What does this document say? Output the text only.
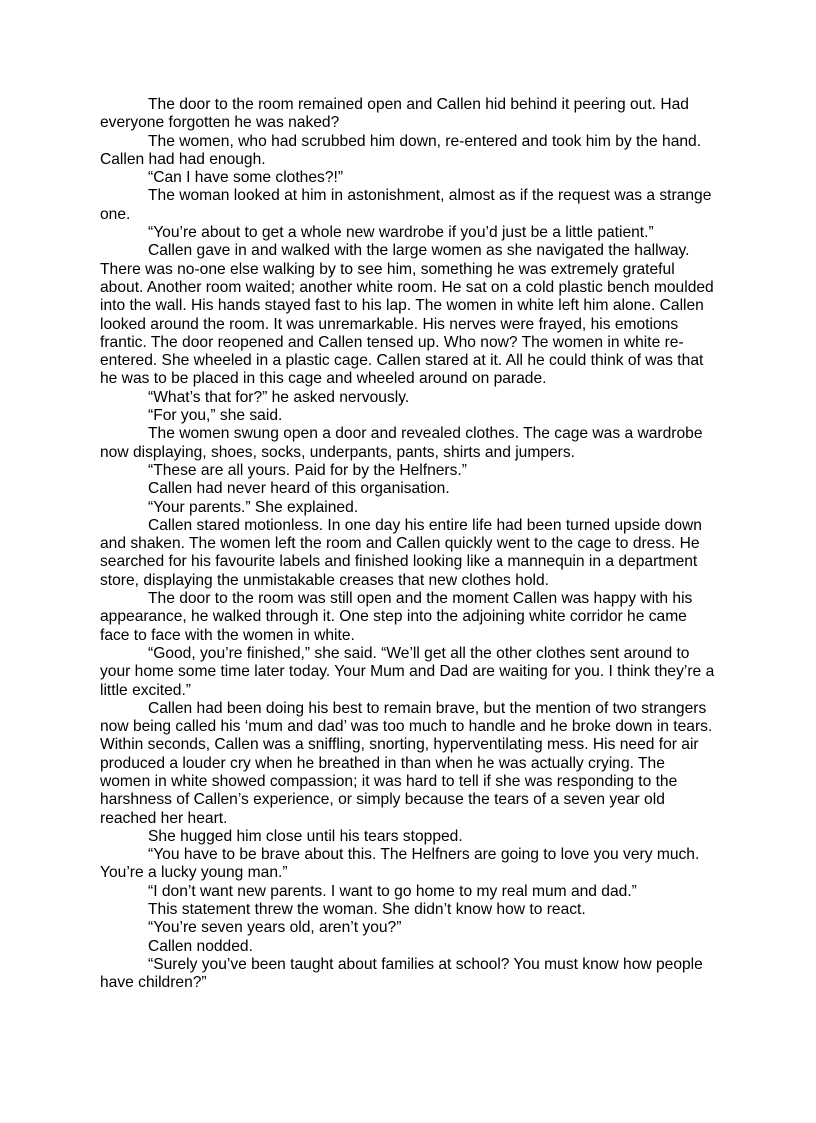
The door to the room remained open and Callen hid behind it peering out. Had everyone forgotten he was naked?

The women, who had scrubbed him down, re-entered and took him by the hand. Callen had had enough.

“Can I have some clothes?!”

The woman looked at him in astonishment, almost as if the request was a strange one.

“You’re about to get a whole new wardrobe if you’d just be a little patient.”

Callen gave in and walked with the large women as she navigated the hallway. There was no-one else walking by to see him, something he was extremely grateful about. Another room waited; another white room. He sat on a cold plastic bench moulded into the wall. His hands stayed fast to his lap. The women in white left him alone. Callen looked around the room. It was unremarkable. His nerves were frayed, his emotions frantic. The door reopened and Callen tensed up. Who now? The women in white re-entered. She wheeled in a plastic cage. Callen stared at it. All he could think of was that he was to be placed in this cage and wheeled around on parade.

“What’s that for?” he asked nervously.

“For you,” she said.

The women swung open a door and revealed clothes. The cage was a wardrobe now displaying, shoes, socks, underpants, pants, shirts and jumpers.

“These are all yours. Paid for by the Helfners.”

Callen had never heard of this organisation.

“Your parents.” She explained.

Callen stared motionless. In one day his entire life had been turned upside down and shaken. The women left the room and Callen quickly went to the cage to dress. He searched for his favourite labels and finished looking like a mannequin in a department store, displaying the unmistakable creases that new clothes hold.

The door to the room was still open and the moment Callen was happy with his appearance, he walked through it. One step into the adjoining white corridor he came face to face with the women in white.

“Good, you’re finished,” she said. “We’ll get all the other clothes sent around to your home some time later today. Your Mum and Dad are waiting for you. I think they’re a little excited.”

Callen had been doing his best to remain brave, but the mention of two strangers now being called his ‘mum and dad’ was too much to handle and he broke down in tears. Within seconds, Callen was a sniffling, snorting, hyperventilating mess. His need for air produced a louder cry when he breathed in than when he was actually crying. The women in white showed compassion; it was hard to tell if she was responding to the harshness of Callen’s experience, or simply because the tears of a seven year old reached her heart.

She hugged him close until his tears stopped.

“You have to be brave about this. The Helfners are going to love you very much. You’re a lucky young man.”

“I don’t want new parents. I want to go home to my real mum and dad.”

This statement threw the woman. She didn’t know how to react.

“You’re seven years old, aren’t you?”

Callen nodded.

“Surely you’ve been taught about families at school? You must know how people have children?”
